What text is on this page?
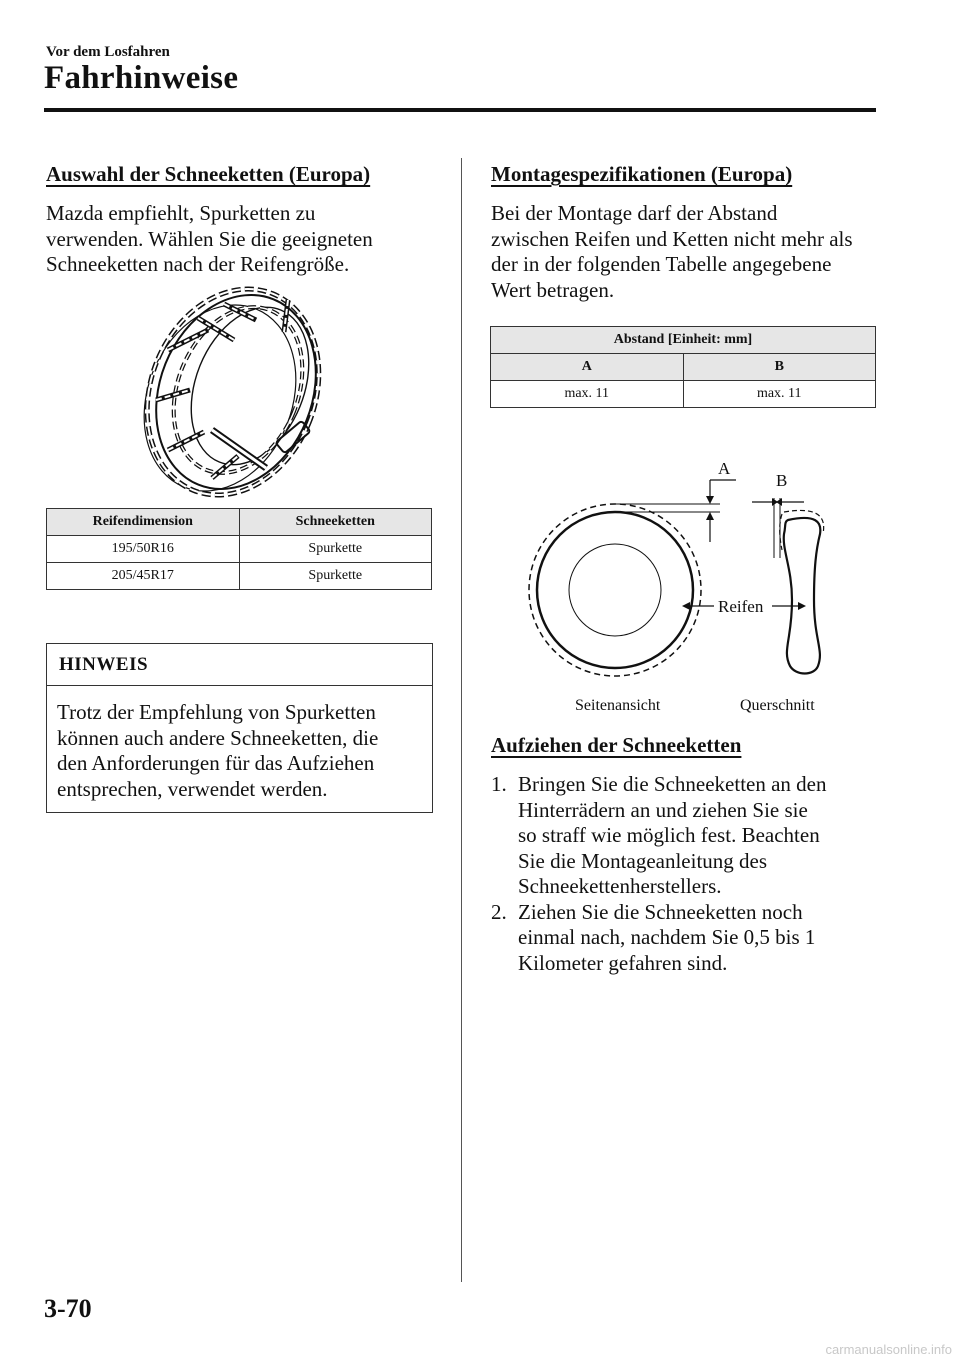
Vor dem Losfahren
Fahrhinweise
Auswahl der Schneeketten (Europa)
Mazda empfiehlt, Spurketten zu
verwenden. Wählen Sie die geeigneten
Schneeketten nach der Reifengröße.
Reifendimension	Schneeketten
195/50R16	Spurkette
205/45R17	Spurkette
HINWEIS
Trotz der Empfehlung von Spurketten
können auch andere Schneeketten, die
den Anforderungen für das Aufziehen
entsprechen, verwendet werden.
Montagespezifikationen (Europa)
Bei der Montage darf der Abstand
zwischen Reifen und Ketten nicht mehr als
der in der folgenden Tabelle angegebene
Wert betragen.
Abstand [Einheit: mm]	
A	B
max. 11	max. 11
A
B
Reifen
Seitenansicht	Querschnitt
Aufziehen der Schneeketten
1. Bringen Sie die Schneeketten an den
Hinterrädern an und ziehen Sie sie
so straff wie möglich fest. Beachten
Sie die Montageanleitung des
Schneekettenherstellers.
2. Ziehen Sie die Schneeketten noch
einmal nach, nachdem Sie 0,5 bis 1
Kilometer gefahren sind.
3-70
carmanualsonline.info
